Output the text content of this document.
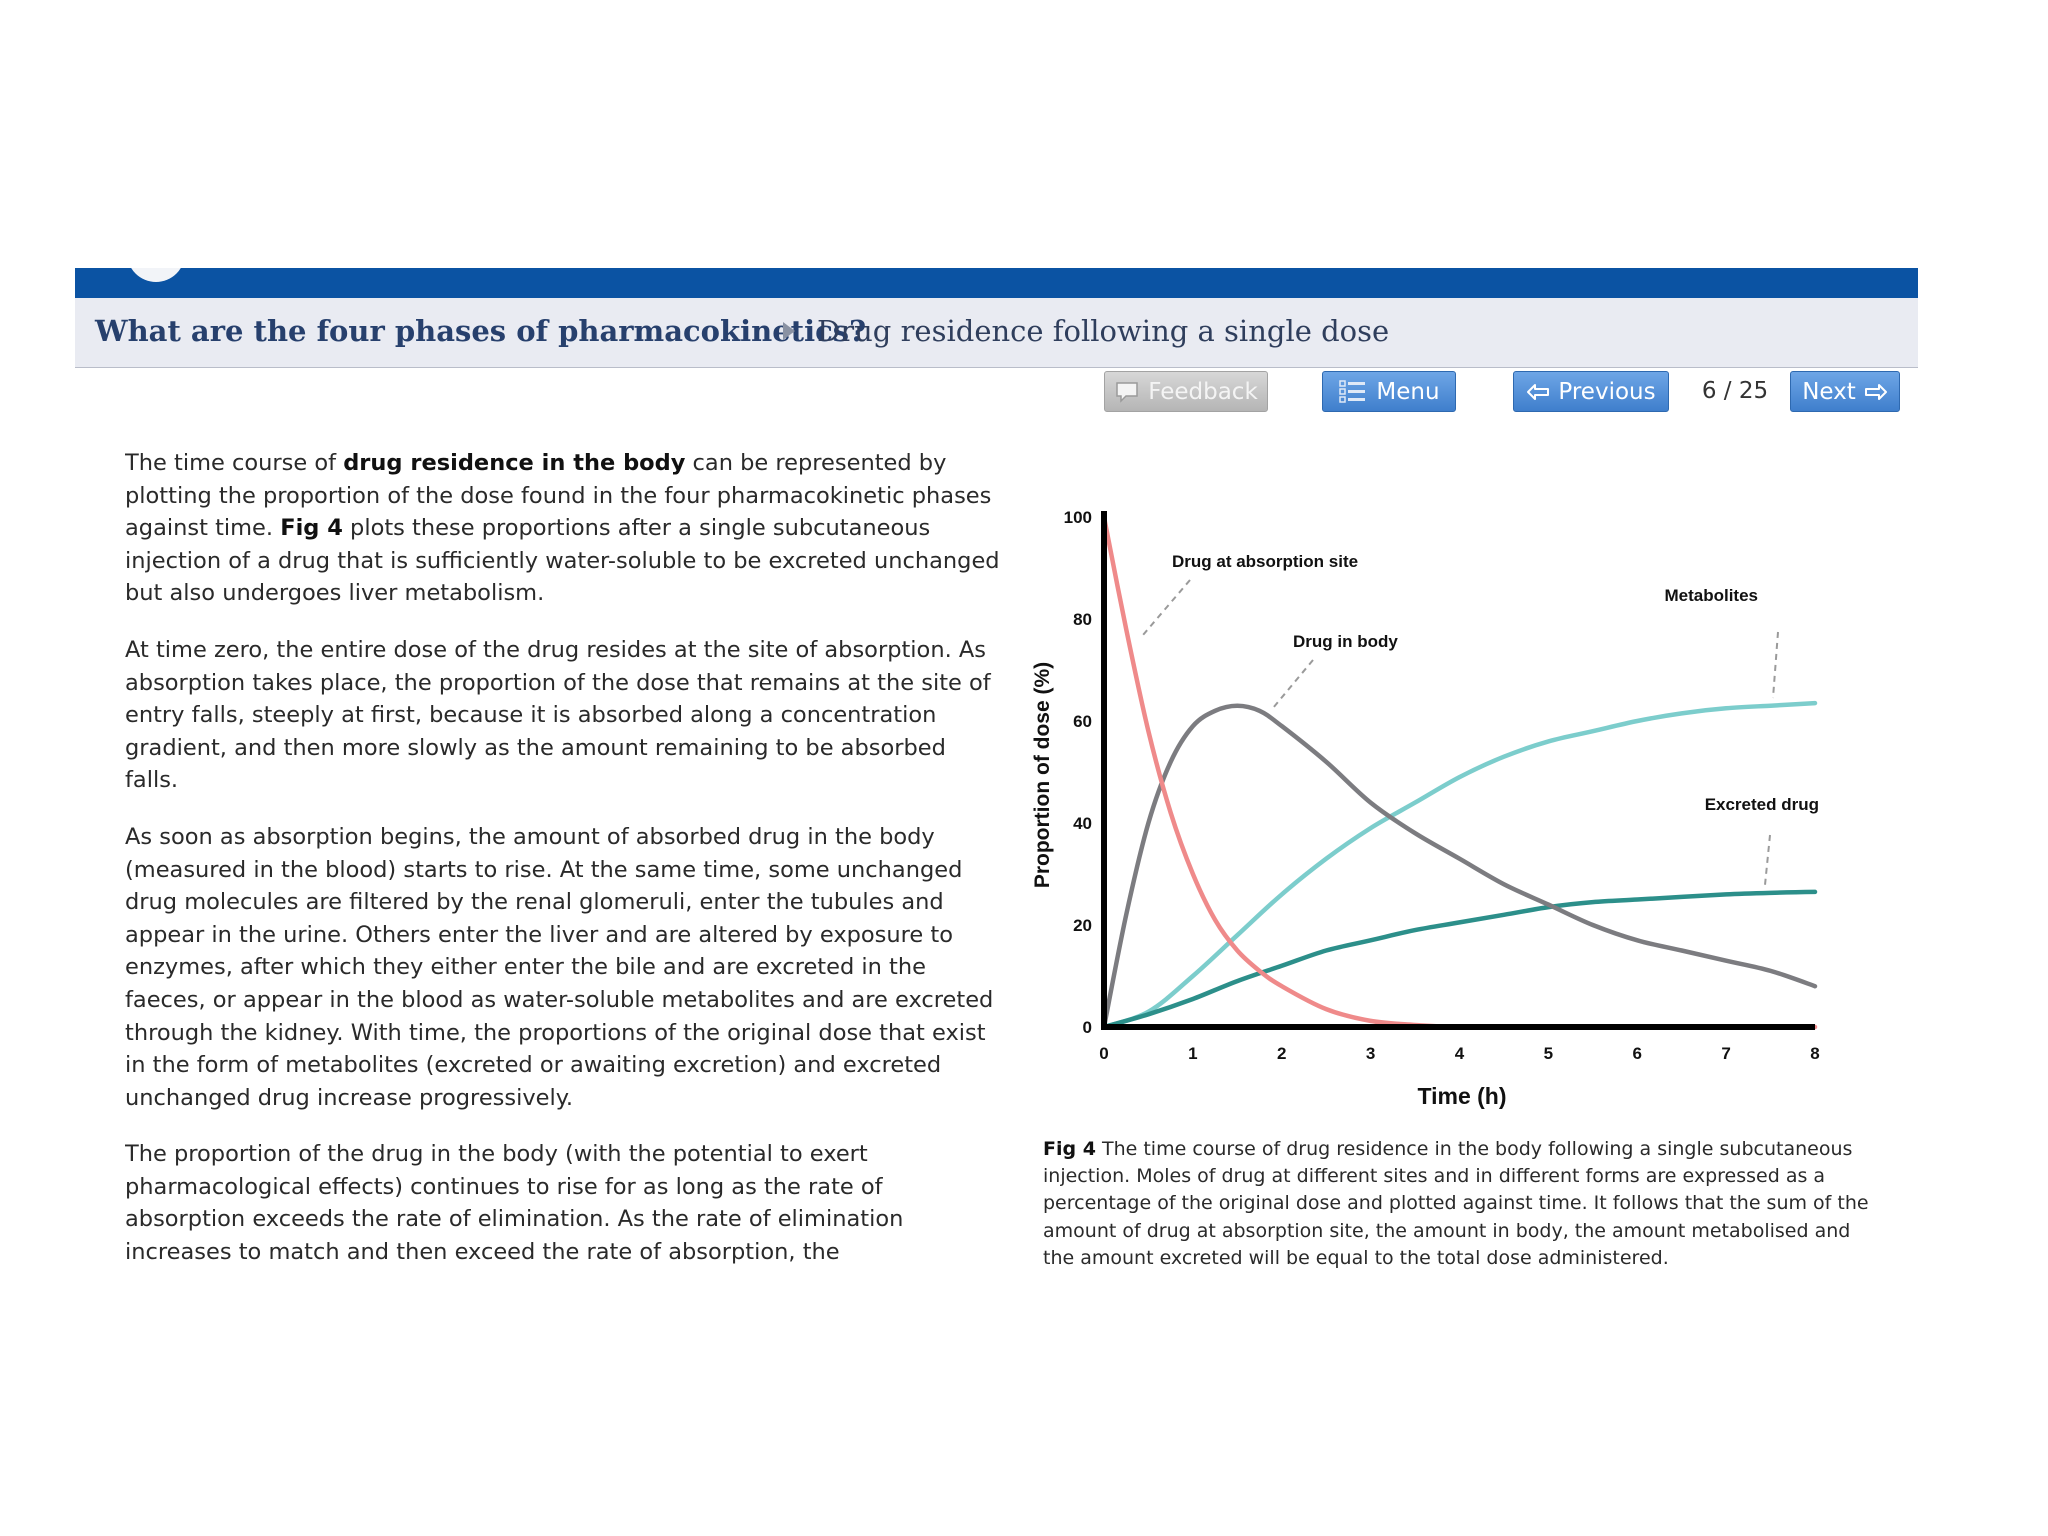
What are the four phases of pharmacokinetics?
Drug residence following a single dose
Feedback	Menu	Previous	6 / 25	Next

The time course of drug residence in the body can be represented by plotting the proportion of the dose found in the four pharmacokinetic phases against time. Fig 4 plots these proportions after a single subcutaneous injection of a drug that is sufficiently water-soluble to be excreted unchanged but also undergoes liver metabolism.

At time zero, the entire dose of the drug resides at the site of absorption. As absorption takes place, the proportion of the dose that remains at the site of entry falls, steeply at first, because it is absorbed along a concentration gradient, and then more slowly as the amount remaining to be absorbed falls.

As soon as absorption begins, the amount of absorbed drug in the body (measured in the blood) starts to rise. At the same time, some unchanged drug molecules are filtered by the renal glomeruli, enter the tubules and appear in the urine. Others enter the liver and are altered by exposure to enzymes, after which they either enter the bile and are excreted in the faeces, or appear in the blood as water-soluble metabolites and are excreted through the kidney. With time, the proportions of the original dose that exist in the form of metabolites (excreted or awaiting excretion) and excreted unchanged drug increase progressively.

The proportion of the drug in the body (with the potential to exert pharmacological effects) continues to rise for as long as the rate of absorption exceeds the rate of elimination. As the rate of elimination increases to match and then exceed the rate of absorption, the

0	1	2	3	4	5	6	7	8
0
20
40
60
80
100
Proportion of dose (%)
Time (h)
Drug at absorption site
Drug in body
Metabolites
Excreted drug
Fig 4 The time course of drug residence in the body following a single subcutaneous injection. Moles of drug at different sites and in different forms are expressed as a percentage of the original dose and plotted against time. It follows that the sum of the amount of drug at absorption site, the amount in body, the amount metabolised and the amount excreted will be equal to the total dose administered.
